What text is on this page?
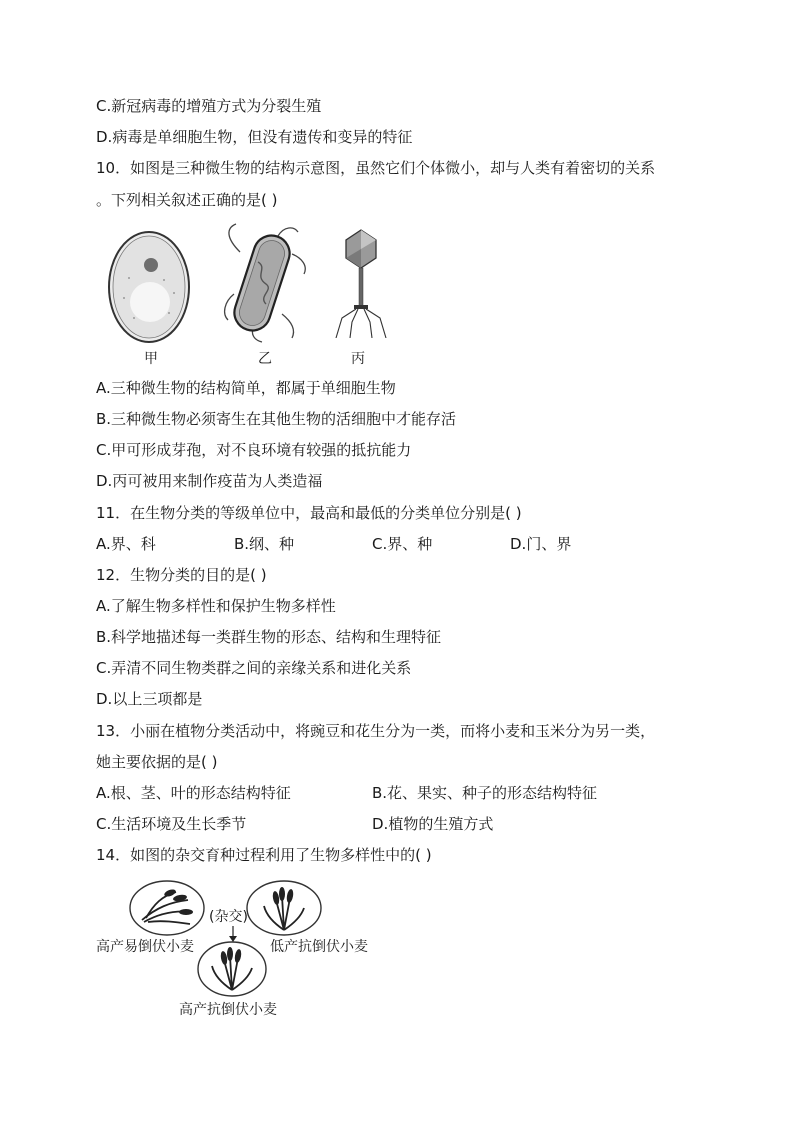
C.新冠病毒的增殖方式为分裂生殖
D.病毒是单细胞生物，但没有遗传和变异的特征
10．如图是三种微生物的结构示意图，虽然它们个体微小，却与人类有着密切的关系
。下列相关叙述正确的是( )
甲	乙	丙
A.三种微生物的结构简单，都属于单细胞生物
B.三种微生物必须寄生在其他生物的活细胞中才能存活
C.甲可形成芽孢，对不良环境有较强的抵抗能力
D.丙可被用来制作疫苗为人类造福
11．在生物分类的等级单位中，最高和最低的分类单位分别是( )
A.界、科	B.纲、种	C.界、种	D.门、界
12．生物分类的目的是( )
A.了解生物多样性和保护生物多样性
B.科学地描述每一类群生物的形态、结构和生理特征
C.弄清不同生物类群之间的亲缘关系和进化关系
D.以上三项都是
13．小丽在植物分类活动中，将豌豆和花生分为一类，而将小麦和玉米分为另一类，
她主要依据的是( )
A.根、茎、叶的形态结构特征	B.花、果实、种子的形态结构特征
C.生活环境及生长季节	D.植物的生殖方式
14．如图的杂交育种过程利用了生物多样性中的( )
(杂交)
高产易倒伏小麦	低产抗倒伏小麦
高产抗倒伏小麦
